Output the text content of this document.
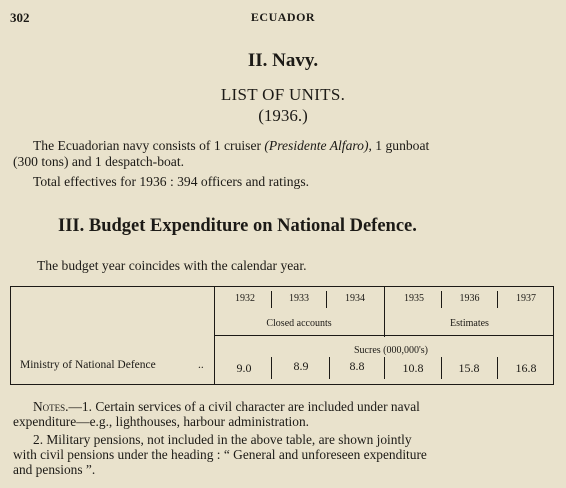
302	ECUADOR
II. Navy.
LIST OF UNITS.
(1936.)
The Ecuadorian navy consists of 1 cruiser (Presidente Alfaro), 1 gunboat
(300 tons) and 1 despatch-boat.
Total effectives for 1936 : 394 officers and ratings.
III. Budget Expenditure on National Defence.
The budget year coincides with the calendar year.
1932	1933	1934	1935	1936	1937
Closed accounts	Estimates
Sucres (000,000's)
Ministry of National Defence	..	9.0	8.9	8.8	10.8	15.8	16.8
Notes.—1. Certain services of a civil character are included under naval
expenditure—e.g., lighthouses, harbour administration.
2. Military pensions, not included in the above table, are shown jointly
with civil pensions under the heading : “ General and unforeseen expenditure
and pensions ”.
